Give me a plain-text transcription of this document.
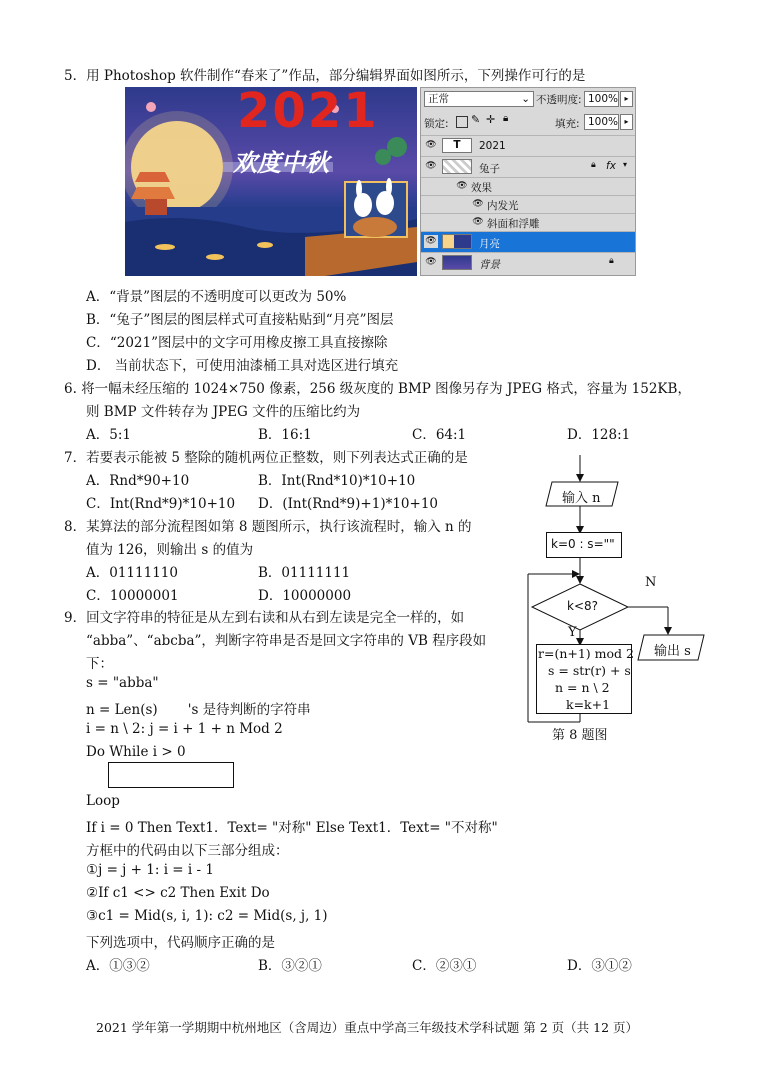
5．用 Photoshop 软件制作“春来了”作品，部分编辑界面如图所示，下列操作可行的是
2021
欢度中秋
正常	⌄ 不透明度: 100% ▸
锁定: ✎ ✛ 🔒︎	填充: 100% ▸
👁︎	T	2021
👁︎	兔子	🔒︎ fx ▾
👁︎ 效果
👁︎ 内发光
👁︎ 斜面和浮雕
👁︎	月亮
👁︎	背景	🔒︎
A．“背景”图层的不透明度可以更改为 50%
B．“兔子”图层的图层样式可直接粘贴到“月亮”图层
C．“2021”图层中的文字可用橡皮擦工具直接擦除
D． 当前状态下，可使用油漆桶工具对选区进行填充
6. 将一幅未经压缩的 1024×750 像素，256 级灰度的 BMP 图像另存为 JPEG 格式，容量为 152KB，
则 BMP 文件转存为 JPEG 文件的压缩比约为
A．5:1	B．16:1	C．64:1	D．128:1
7．若要表示能被 5 整除的随机两位正整数，则下列表达式正确的是
A．Rnd*90+10	B．Int(Rnd*10)*10+10
C．Int(Rnd*9)*10+10 D．(Int(Rnd*9)+1)*10+10
8．某算法的部分流程图如第 8 题图所示，执行该流程时，输入 n 的
值为 126，则输出 s 的值为
A．01111110	B．01111111
C．10000001	D．10000000
输入 n
k=0 : s=""
k<8?
N
Y
输出 s
r=(n+1) mod 2
s = str(r) + s
n = n \ 2
k=k+1
第 8 题图
9．回文字符串的特征是从左到右读和从右到左读是完全一样的，如
“abba”、“abcba”，判断字符串是否是回文字符串的 VB 程序段如
下：
s = "abba"
n = Len(s)       's 是待判断的字符串
i = n \ 2: j = i + 1 + n Mod 2
Do While i > 0
Loop
If i = 0 Then Text1．Text= "对称" Else Text1．Text= "不对称"
方框中的代码由以下三部分组成：
①j = j + 1: i = i - 1
②If c1 <> c2 Then Exit Do
③c1 = Mid(s, i, 1): c2 = Mid(s, j, 1)
下列选项中，代码顺序正确的是
A．①③②	B．③②①	C．②③①	D．③①②
2021 学年第一学期期中杭州地区（含周边）重点中学高三年级技术学科试题 第 2 页（共 12 页）
